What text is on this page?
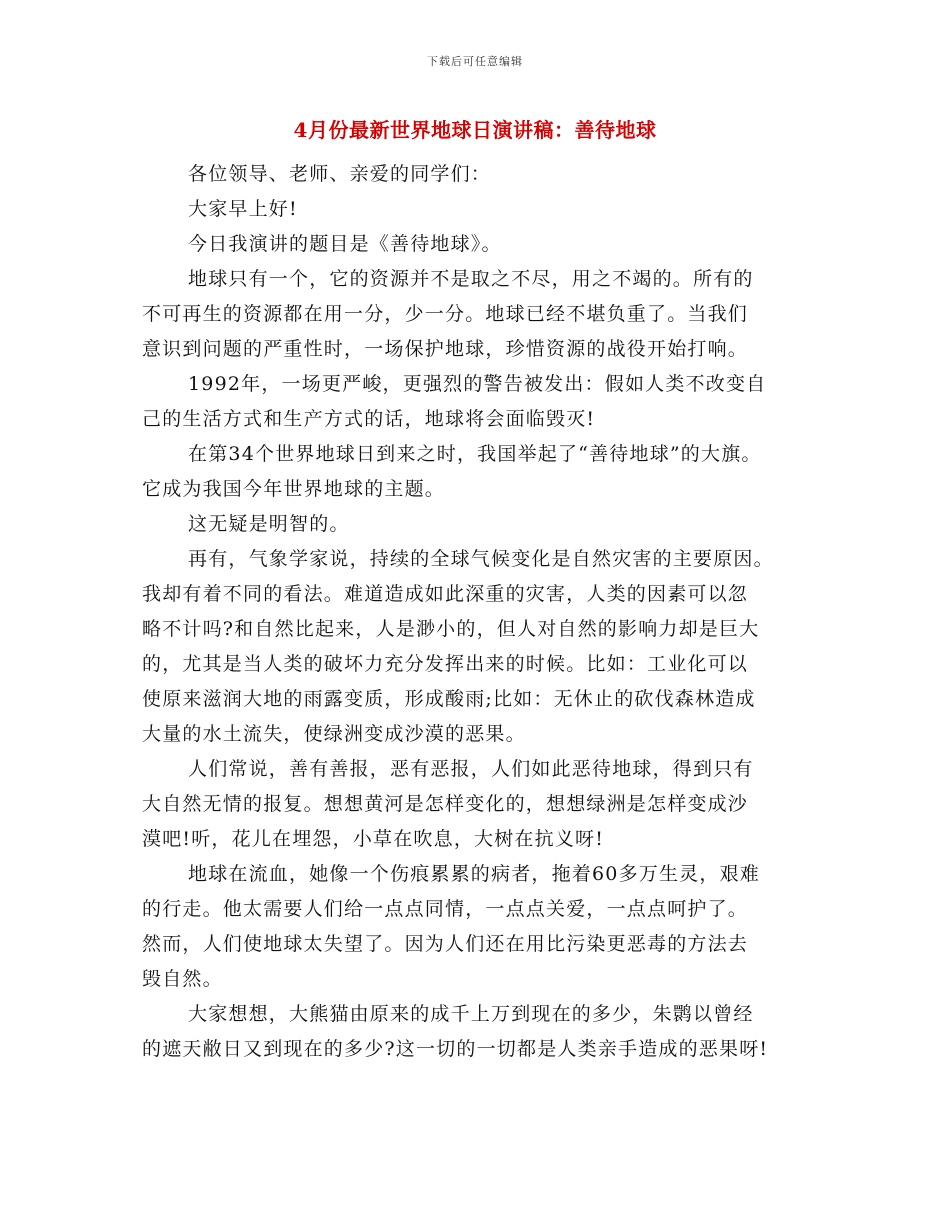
下载后可任意编辑
4月份最新世界地球日演讲稿：善待地球
各位领导、老师、亲爱的同学们：
大家早上好!
今日我演讲的题目是《善待地球》。
地球只有一个，它的资源并不是取之不尽，用之不竭的。所有的
不可再生的资源都在用一分，少一分。地球已经不堪负重了。当我们
意识到问题的严重性时，一场保护地球，珍惜资源的战役开始打响。
1992年，一场更严峻，更强烈的警告被发出：假如人类不改变自
己的生活方式和生产方式的话，地球将会面临毁灭!
在第34个世界地球日到来之时，我国举起了“善待地球”的大旗。
它成为我国今年世界地球的主题。
这无疑是明智的。
再有，气象学家说，持续的全球气候变化是自然灾害的主要原因。
我却有着不同的看法。难道造成如此深重的灾害，人类的因素可以忽
略不计吗?和自然比起来，人是渺小的，但人对自然的影响力却是巨大
的，尤其是当人类的破坏力充分发挥出来的时候。比如：工业化可以
使原来滋润大地的雨露变质，形成酸雨;比如：无休止的砍伐森林造成
大量的水土流失，使绿洲变成沙漠的恶果。
人们常说，善有善报，恶有恶报，人们如此恶待地球，得到只有
大自然无情的报复。想想黄河是怎样变化的，想想绿洲是怎样变成沙
漠吧!听，花儿在埋怨，小草在吹息，大树在抗义呀!
地球在流血，她像一个伤痕累累的病者，拖着60多万生灵，艰难
的行走。他太需要人们给一点点同情，一点点关爱，一点点呵护了。
然而，人们使地球太失望了。因为人们还在用比污染更恶毒的方法去
毁自然。
大家想想，大熊猫由原来的成千上万到现在的多少，朱鹮以曾经
的遮天敝日又到现在的多少?这一切的一切都是人类亲手造成的恶果呀!
